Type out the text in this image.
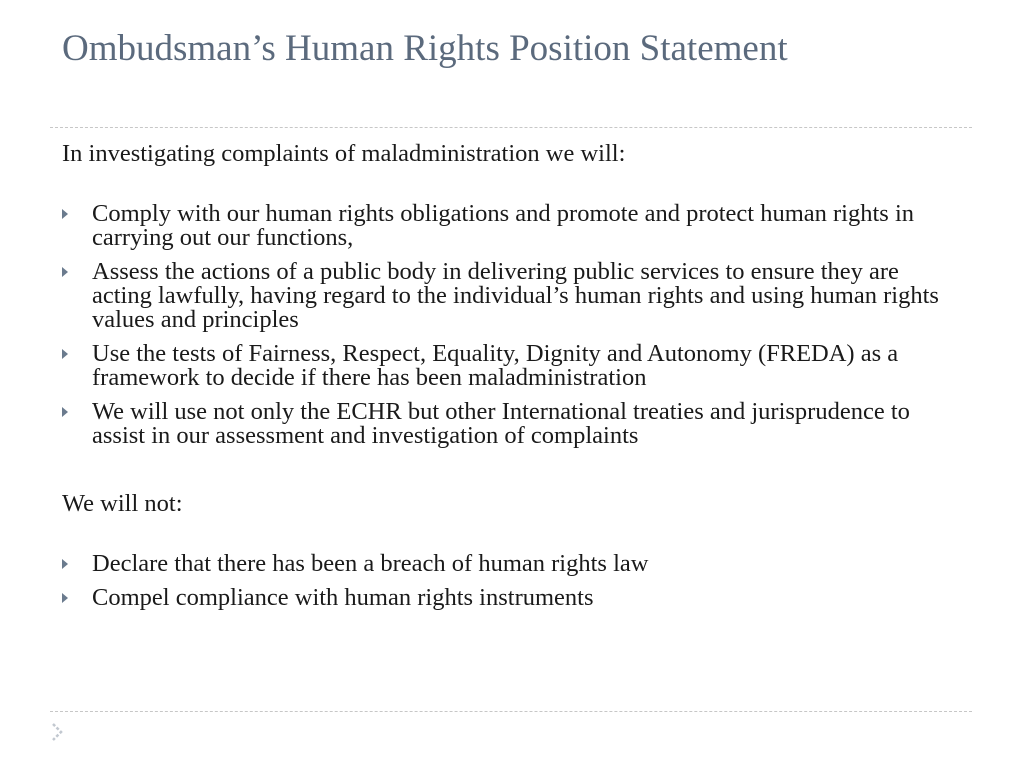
Ombudsman’s Human Rights Position Statement

In investigating complaints of maladministration we will:

Comply with our human rights obligations and promote and protect human rights in carrying out our functions,
Assess the actions of a public body in delivering public services to ensure they are acting lawfully, having regard to the individual’s human rights and using human rights values and principles
Use the tests of Fairness, Respect, Equality, Dignity and Autonomy (FREDA) as a framework to decide if there has been maladministration
We will use not only the ECHR but other International treaties and jurisprudence to assist in our assessment and investigation of complaints

We will not:

Declare that there has been a breach of human rights law
Compel compliance with human rights instruments
